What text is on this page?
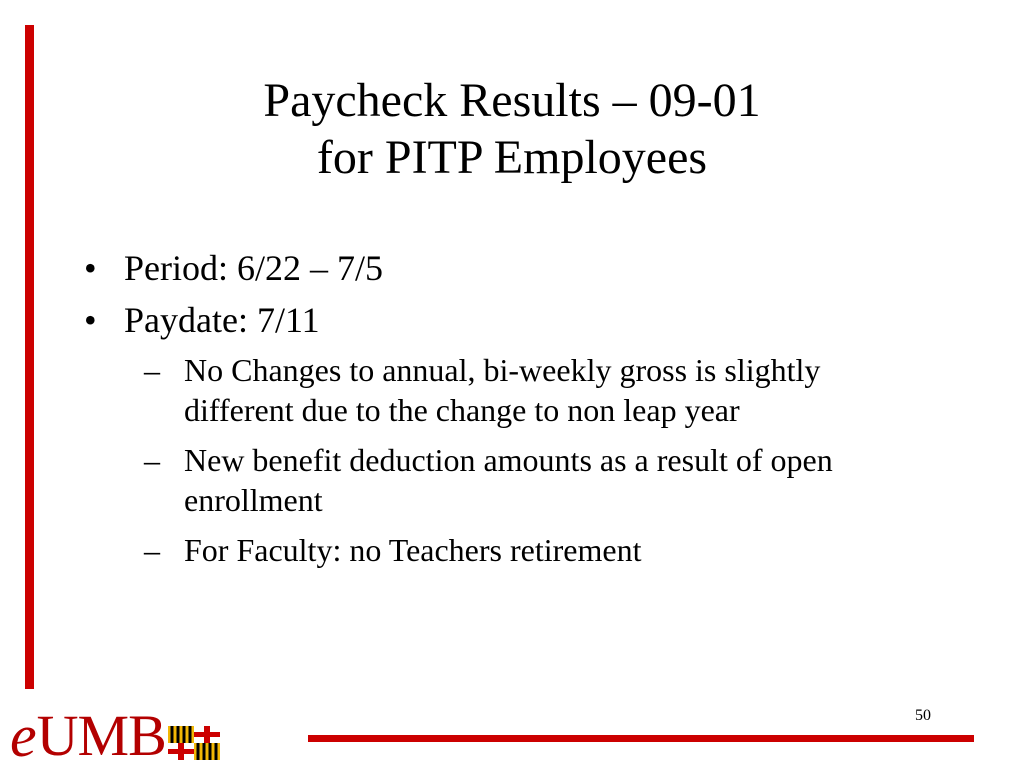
Paycheck Results – 09-01
for PITP Employees
• Period: 6/22 – 7/5
• Paydate: 7/11
– No Changes to annual, bi-weekly gross is slightly different due to the change to non leap year
– New benefit deduction amounts as a result of open enrollment
– For Faculty: no Teachers retirement
e UMB	50
